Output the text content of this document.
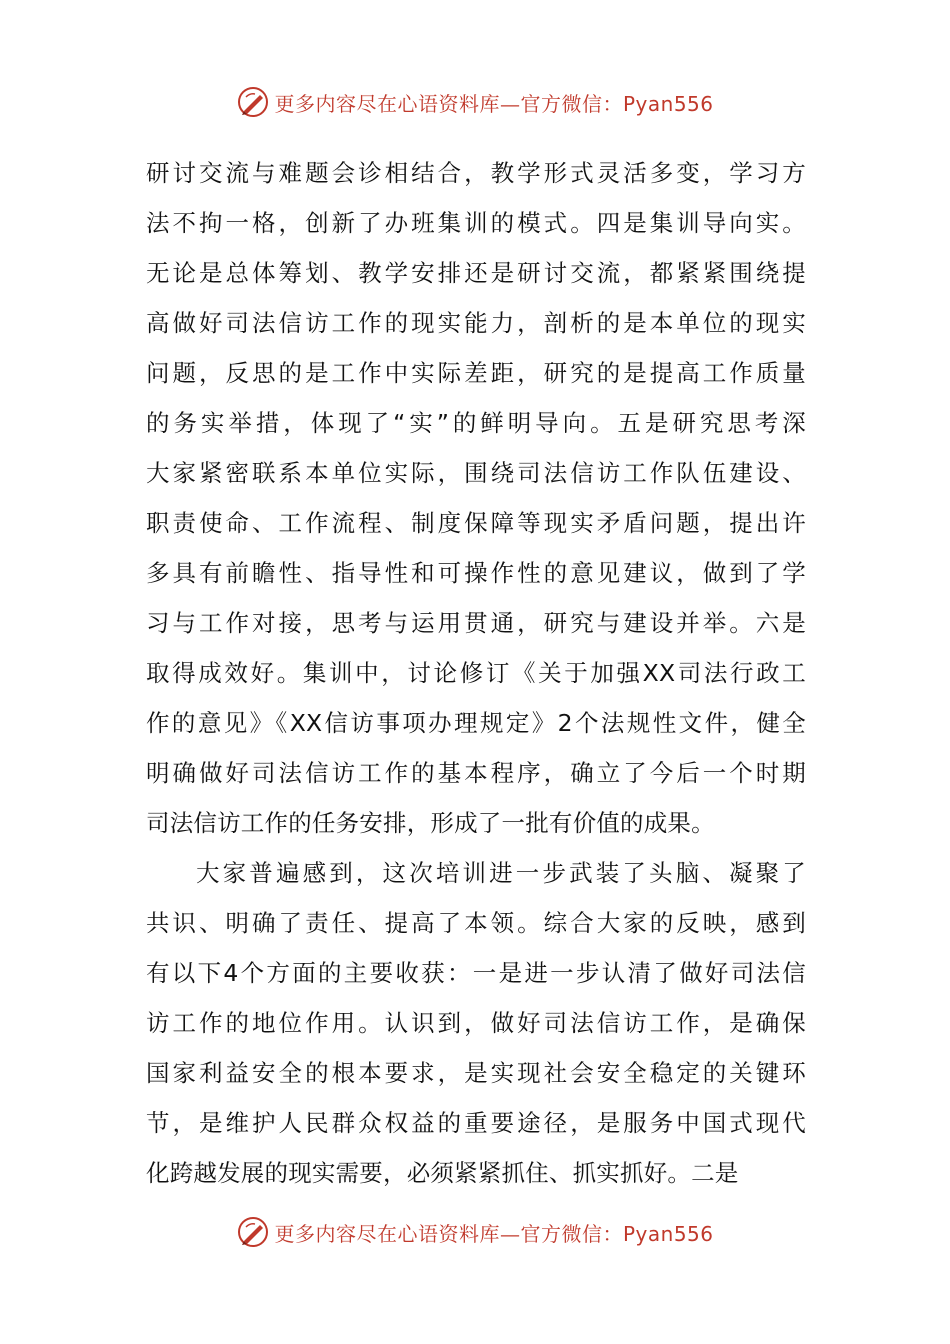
更多内容尽在心语资料库—官方微信：Pyan556
研讨交流与难题会诊相结合，教学形式灵活多变，学习方
法不拘一格，创新了办班集训的模式。四是集训导向实。
无论是总体筹划、教学安排还是研讨交流，都紧紧围绕提
高做好司法信访工作的现实能力，剖析的是本单位的现实
问题，反思的是工作中实际差距，研究的是提高工作质量
的务实举措，体现了“实”的鲜明导向。五是研究思考深
大家紧密联系本单位实际，围绕司法信访工作队伍建设、
职责使命、工作流程、制度保障等现实矛盾问题，提出许
多具有前瞻性、指导性和可操作性的意见建议，做到了学
习与工作对接，思考与运用贯通，研究与建设并举。六是
取得成效好。集训中，讨论修订《关于加强XX司法行政工
作的意见》《XX信访事项办理规定》2个法规性文件，健全
明确做好司法信访工作的基本程序，确立了今后一个时期
司法信访工作的任务安排，形成了一批有价值的成果。
大家普遍感到，这次培训进一步武装了头脑、凝聚了
共识、明确了责任、提高了本领。综合大家的反映，感到
有以下4个方面的主要收获：一是进一步认清了做好司法信
访工作的地位作用。认识到，做好司法信访工作，是确保
国家利益安全的根本要求，是实现社会安全稳定的关键环
节，是维护人民群众权益的重要途径，是服务中国式现代
化跨越发展的现实需要，必须紧紧抓住、抓实抓好。二是
更多内容尽在心语资料库—官方微信：Pyan556
